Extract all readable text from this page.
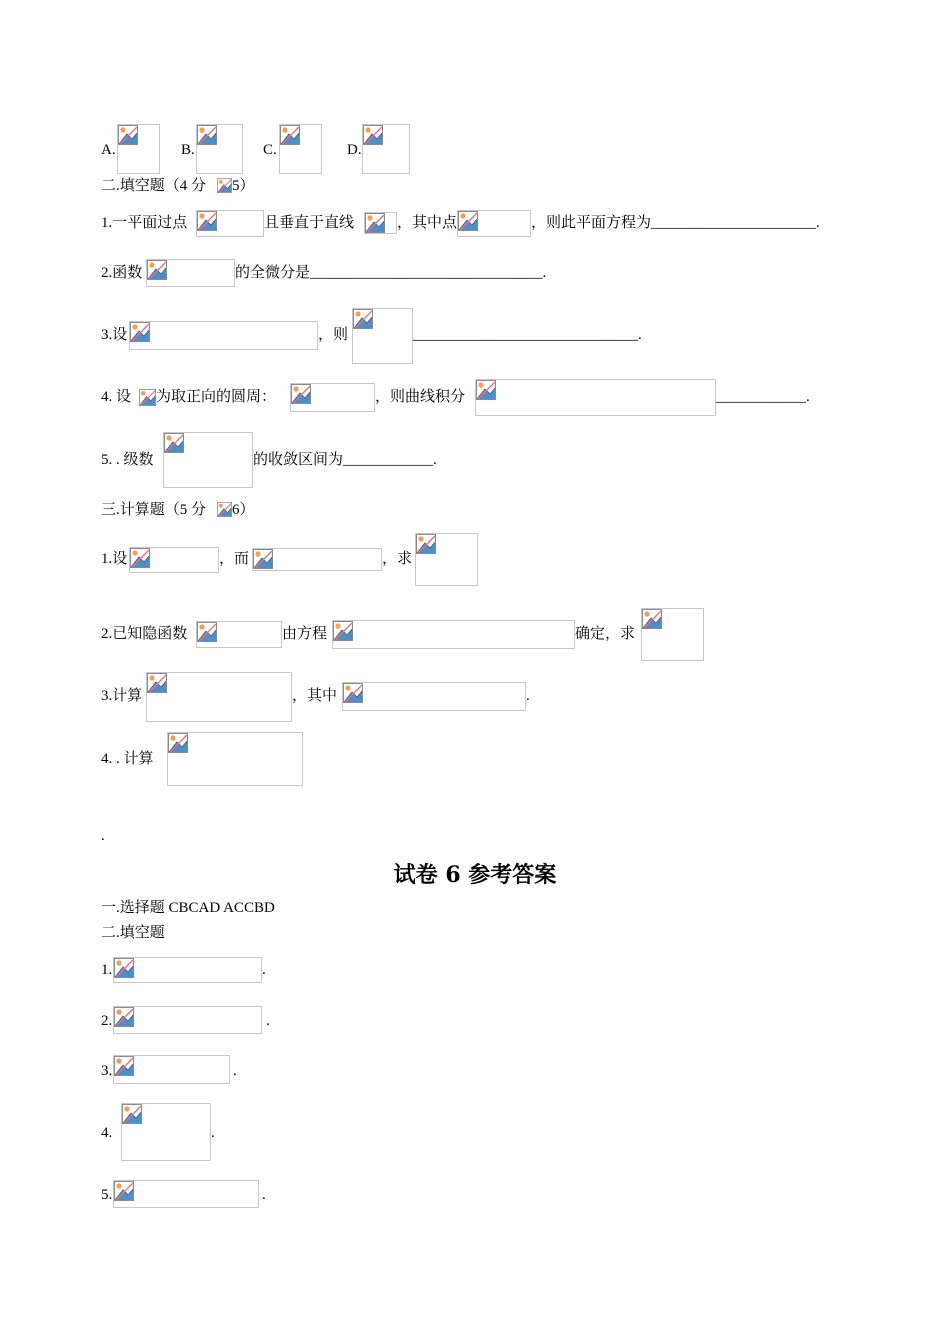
A.	B.	C.	D.
二.填空题（4 分 5）
1.一平面过点	且垂直于直线	，其中点	，则此平面方程为______________________.
2.函数	的全微分是_______________________________.
3.设	，则	______________________________.
4. 设 为取正向的圆周：	，则曲线积分	____________.
5. . 级数	的收敛区间为____________.
三.计算题（5 分 6）
1.设	，而	，求
2.已知隐函数	由方程	确定，求
3.计算	，其中	.
4. . 计算
.
试卷 6 参考答案
一.选择题 CBCAD ACCBD
二.填空题
1.	.
2.	.
3.	.
4.	.
5.	.
